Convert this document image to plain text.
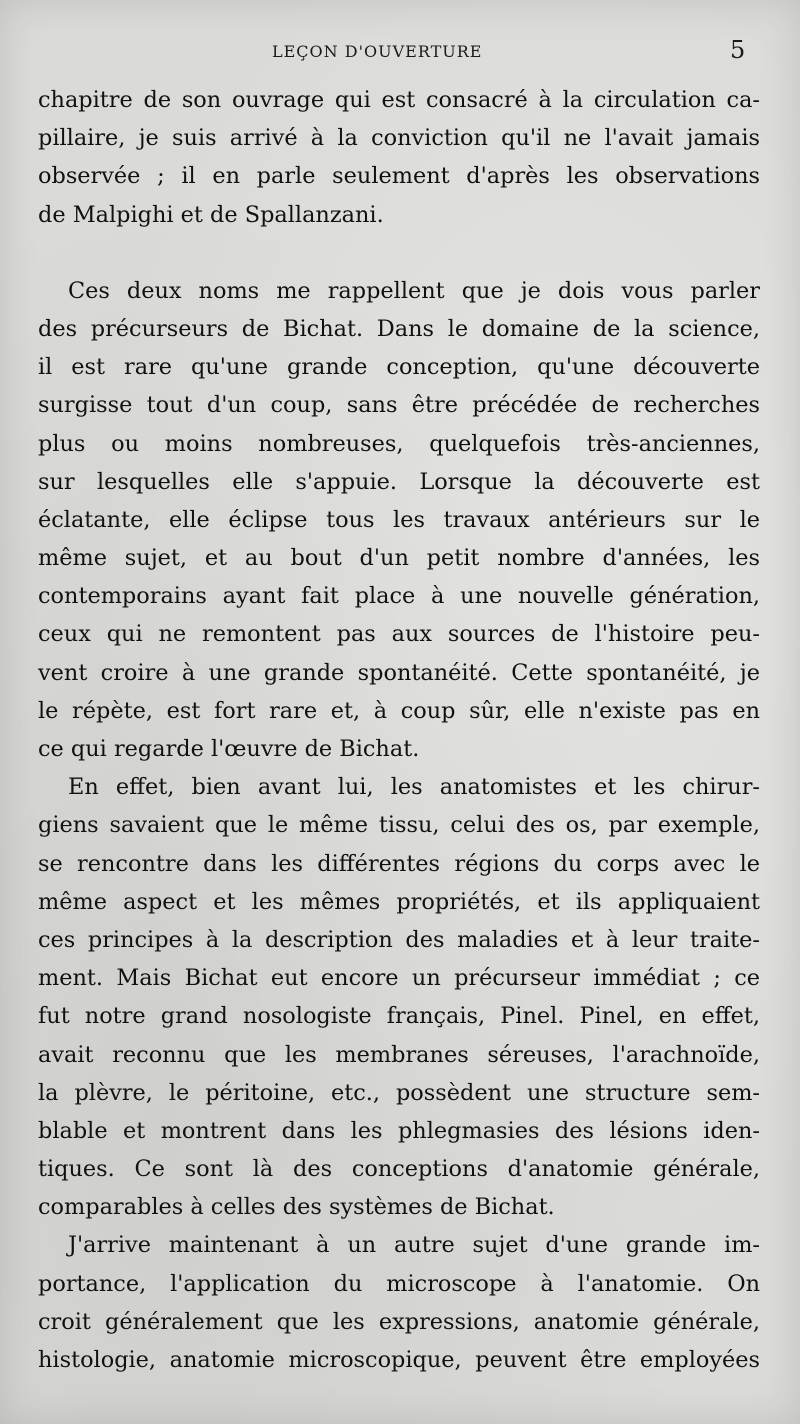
LEÇON D'OUVERTURE	5
chapitre de son ouvrage qui est consacré à la circulation ca-
pillaire, je suis arrivé à la conviction qu'il ne l'avait jamais
observée ; il en parle seulement d'après les observations
de Malpighi et de Spallanzani.
Ces deux noms me rappellent que je dois vous parler
des précurseurs de Bichat. Dans le domaine de la science,
il est rare qu'une grande conception, qu'une découverte
surgisse tout d'un coup, sans être précédée de recherches
plus ou moins nombreuses, quelquefois très-anciennes,
sur lesquelles elle s'appuie. Lorsque la découverte est
éclatante, elle éclipse tous les travaux antérieurs sur le
même sujet, et au bout d'un petit nombre d'années, les
contemporains ayant fait place à une nouvelle génération,
ceux qui ne remontent pas aux sources de l'histoire peu-
vent croire à une grande spontanéité. Cette spontanéité, je
le répète, est fort rare et, à coup sûr, elle n'existe pas en
ce qui regarde l'œuvre de Bichat.
En effet, bien avant lui, les anatomistes et les chirur-
giens savaient que le même tissu, celui des os, par exemple,
se rencontre dans les différentes régions du corps avec le
même aspect et les mêmes propriétés, et ils appliquaient
ces principes à la description des maladies et à leur traite-
ment. Mais Bichat eut encore un précurseur immédiat ; ce
fut notre grand nosologiste français, Pinel. Pinel, en effet,
avait reconnu que les membranes séreuses, l'arachnoïde,
la plèvre, le péritoine, etc., possèdent une structure sem-
blable et montrent dans les phlegmasies des lésions iden-
tiques. Ce sont là des conceptions d'anatomie générale,
comparables à celles des systèmes de Bichat.
J'arrive maintenant à un autre sujet d'une grande im-
portance, l'application du microscope à l'anatomie. On
croit généralement que les expressions, anatomie générale,
histologie, anatomie microscopique, peuvent être employées
